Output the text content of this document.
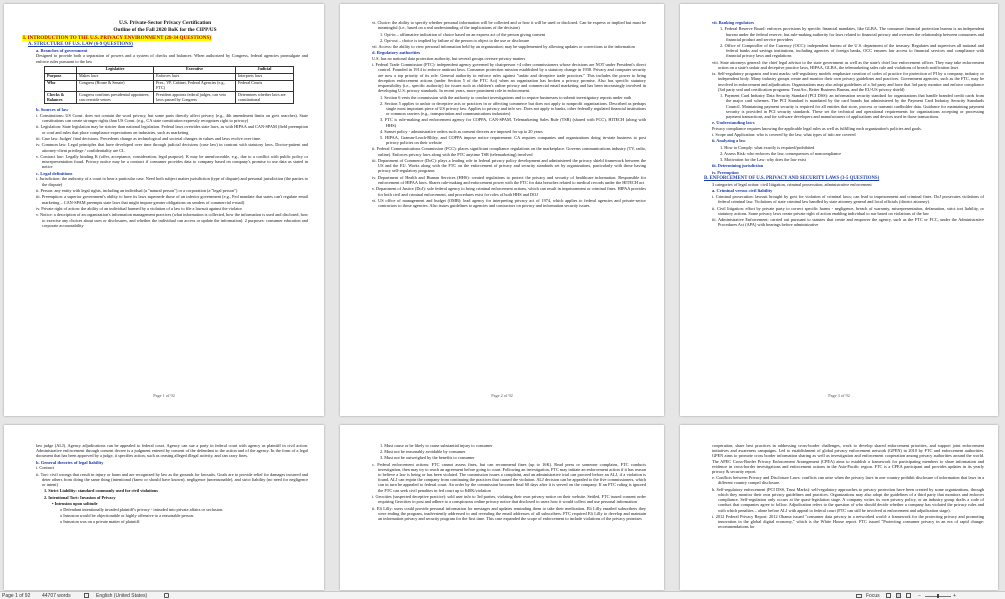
U.S. Private-Sector Privacy Certification
Outline of the Fall 2020 BoK for the CIPP/US
I. INTRODUCTION TO THE U.S. PRIVACY ENVIRONMENT (28-34 QUESTIONS)
A. STRUCTURE OF U.S. LAW (6-9 QUESTIONS)
a. Branches of government
Designed to provide both a separation of powers and a system of checks and balances. When authorized by Congress, federal agencies promulgate and enforce rules pursuant to the law
	Legislative	Executive	Judicial
Purpose	Makes laws	Enforces laws	Interprets laws
Who	Congress (House & Senate)	Pres., VP, Cabinet, Federal Agencies (e.g., FTC)	Federal Courts
Checks & Balances	Congress confirms presidential appointees, can override vetoes	President appoints federal judges, can veto laws passed by Congress	Determines whether laws are constitutional
b. Sources of law

i. Constitutions: US Const. does not contain the word privacy, but some parts directly affect privacy (e.g., 4th amendment limits on govt searches). State constitutions can create stronger rights than US Const. (e.g., CA state constitution expressly recognizes right to privacy)

ii. Legislation: State legislation may be stricter than national legislation. Federal laws overrides state laws, as with HIPAA and CAN-SPAM (field preemption or conf and rules that place compliance expectations on industries, such as marketing

iii. Case law: Judges' final decisions. Precedents change as technological and societal changes in values and laws evolve over time.

iv. Common law: Legal principles that have developed over time through judicial decisions (case law) in contrast with statutory laws. Doctor-patient and attorney-client privilege / confidentiality are CL

v. Contract law: Legally binding K (offer, acceptance, consideration, legal purpose). K may be unenforceable, e.g., due to a conflict with public policy or misrepresentation fraud. Privacy notice may be a contract if consumer provides data to company based on company's promise to use data as stated in notice

c. Legal definitions

i. Jurisdiction: the authority of a court to hear a particular case. Need both subject matter jurisdiction (type of dispute) and personal jurisdiction (the parties to the dispute)

ii. Person: any entity with legal rights, including an individual (a "natural person") or a corporation (a "legal person")

iii. Preemption: a superior government's ability to have its laws supersede those of an inferior government (e.g., Fed mandate that states can't regulate email marketing – CAN-SPAM preempts state laws that might impose greater obligations on senders of commercial e-mail)

iv. Private right of action: the ability of an individual harmed by a violation of a law to file a lawsuit against the violator

v. Notice: a description of an organization's information management practices (what information is collected, how the information is used and disclosed, how to exercise any choices about uses or disclosures, and whether the individual can access or update the information). 2 purposes: consumer education and corporate accountability

Page 1 of 92

vi. Choice: the ability to specify whether personal information will be collected and or how it will be used or disclosed. Can be express or implied but must be meaningful (i.e., based on a real understanding of the implications of the decision)

1. Opt-in – affirmative indication of choice based on an express act of the person giving consent

2. Opt-out – choice is implied by failure of the person to object to the use or disclosure

vii. Access: the ability to view personal information held by an organization; may be supplemented by allowing updates or corrections to the information

d. Regulatory authorities
U.S. has no national data protection authority, but several groups oversee privacy matters

i. Federal Trade Commission (FTC): independent agency governed by chairperson +4 other commissioners whose decisions are NOT under President's direct control. Founded in 1914 to enforce antitrust laws. Consumer protection mission established by a statutory change in 1938. Privacy and computer security are now a top priority of its role. General authority to enforce rules against "unfair and deceptive trade practices." This includes the power to bring deception enforcement actions (under Section 5 of the FTC Act) when an organization has broken a privacy promise. Also has specific statutory responsibility (i.e., specific authority) for issues such as children's online privacy and commercial email marketing and has been increasingly involved in developing U.S. privacy standards. In recent years, more prominent role in enforcement.

1. Section 6 vests the commission with the authority to conduct investigations and to require businesses to submit investigatory reports under oath

2. Section 5 applies to unfair or deceptive acts or practices in or affecting commerce but does not apply to nonprofit organizations. Described as perhaps single most important piece of US privacy law. Applies to privacy and info sec. Does not apply to banks, other federally regulated financial institutions or common carriers (e.g., transportation and communications industries)

3. FTC is rule-making and enforcement agency for COPPA, CAN-SPAM, Telemarketing Sales Rule (TSR) (shared with FCC), HITECH (along with HHS)

4. Sunset policy - administrative orders such as consent decrees are imposed for up to 20 years

5. HIPAA, Gramm-Leach-Bliley, and COPPA impose notice requirement: CA requires companies and organizations doing in-state business to post privacy policies on their website

ii. Federal Communications Commission (FCC): places significant compliance regulations on the marketplace. Governs communications industry (TV, radio, online). Enforces privacy laws along with the FTC anytime TSR (telemarketing) involved

iii. Department of Commerce (DoC): plays a leading role in federal privacy policy development and administered the privacy shield framework between the US and the EU. Works along with the FTC on the enforcement of privacy and security standards set by organizations, particularly with those having privacy self-regulatory programs

iv. Department of Health and Human Services (HHS): created regulations to protect the privacy and security of healthcare information. Responsible for enforcement of HIPAA laws. Shares rule-making and enforcement power with the FTC for data breaches related to medical records under the HITECH act

v. Department of Justice (DoJ): sole federal agency to bring criminal enforcement actions, which can result in imprisonment or criminal fines. HIPAA provides for both civil and criminal enforcement, and procedures exist for roles of both HHS and DOJ

vi. US office of management and budget (OMB): lead agency for interpreting privacy act of 1974, which applies to federal agencies and private-sector contractors to those agencies. Also issues guidelines to agencies and contractors on privacy and information security issues.

Page 2 of 92

vii. Banking regulators

1. Federal Reserve Board: enforces provisions by specific financial mandates, like GLBA. The consumer financial protection bureau is an independent bureau under the federal reserve, has rule-making authority for laws related to financial privacy and oversees the relationship between consumers and financial product and service providers

2. Office of Comptroller of the Currency (OCC): independent bureau of the U.S. department of the treasury. Regulates and supervises all national and federal banks and savings institutions, including agencies of foreign banks, OCC ensures fair access to financial services and compliance with financial privacy laws and regulations

viii. State attorneys general: the chief legal advisor to the state government as well as the state's chief law enforcement officer. They may take enforcement action on a state's unfair and deceptive practice laws, HIPAA, GLBA, the telemarketing sales rule and violations of breach notification laws

ix. Self-regulatory programs and trust marks: self-regulatory models emphasize creation of codes of practice for protection of PI by a company, industry or independent body. Many industry groups create and monitor their own privacy guidelines and practices. Government agencies, such as the FTC, may be involved in enforcement and adjudication. Organizations may also adopt guidelines of a 3rd party and have that 3rd party monitor and enforce compliance (3rd party seal and certification programs: TrustArc, Better Business Bureau, and the EU-US privacy shield)

1. Payment Card Industry Data Security Standard (PCI DSS): an information security standard for organizations that handle branded credit cards from the major card schemes. The PCI Standard is mandated by the card brands but administered by the Payment Card Industry Security Standards Council. Maintaining payment security is required for all entities that store, process or transmit cardholder data. Guidance for maintaining payment security is provided in PCI security standards. These set the technical and operational requirements for organizations accepting or processing payment transactions, and for software developers and manufacturers of applications and devices used in those transactions.

e. Understanding laws
Privacy compliance requires knowing the applicable legal rules as well as fulfilling each organization's policies and goals.

i. Scope and Application: who is covered by the law, what types of info are covered

ii. Analyzing a law

1. How to Comply: what exactly is required/prohibited

2. Assess Risk: who enforces the law, consequences of noncompliance

3. Motivation for the Law: why does the law exist

iii. Determining jurisdiction

iv. Preemption

B. ENFORCEMENT OF U.S. PRIVACY AND SECURITY LAWS (3-5 QUESTIONS)
3 categories of legal action: civil litigation, criminal prosecution, administrative enforcement
a. Criminal versus civil liability

i. Criminal prosecution: lawsuit brought by govt for violation of criminal laws; can lead to imprisonment and criminal fines. DoJ prosecutes violations of federal criminal law. Violations of state criminal law handled by state attorney general and local officials (district attorney).

ii. Civil litigation: effort by private party to correct specific harms - negligence, breach of warranty, misrepresentation, defamation, strict tort liability, or statutory actions. Some privacy laws create private right of action enabling individual to sue based on violations of the law

iii. Administrative Enforcement: carried out pursuant to statutes that create and empower the agency, such as the FTC or FCC, under the Administrative Procedures Act (APA) with hearings before administrative

Page 3 of 92

law judge (ALJ). Agency adjudications can be appealed to federal court. Agency can sue a party in federal court with agency as plaintiff in civil action. Administrative enforcement through consent decree is a judgment entered by consent of the defendant to the action and of the agency. In the form of a legal document that has been approved by a judge, it specifies action, such as ceasing alleged illegal activity, and can carry fines.

b. General theories of legal liability

i. Contract

ii. Tort: civil wrongs that result in injury or harm and are recognized by law as the grounds for lawsuits. Goals are to provide relief for damages incurred and deter others from doing the same thing (intentional (knew or should have known), negligence (unreasonable), and strict liability (no need for negligence or intent)

1. Strict Liability: standard commonly used for civil violations

2. Intentional Tort: Invasion of Privacy

• Intrusion upon solitude

o Defendant intentionally invaded plaintiff's privacy - intruded into private affairs or seclusion.

o Intrusion would be objectionable or highly offensive to a reasonable person.

o Intrusion was on a private matter of plaintiff.

1. Must cause or be likely to cause substantial injury to consumer

2. Must not be reasonably avoidable by consumer

3. Must not be outweighed by the benefits to consumer

c. Federal enforcement actions: FTC cannot assess fines, but can recommend fines (up to 16K). Read press or someone complains, FTC conducts investigation, then may try to reach an agreement before going to court. Following an investigation, FTC may initiate an enforcement action if it has reason to believe a law is being or has been violated. The commission issues a complaint, and an administrative trial can proceed before an ALJ, if a violation is found, ALJ can enjoin the company from continuing the practices that caused the violation. ALJ decision can be appealed to the five commissioners, which can in turn be appealed to federal court. An order by the commission becomes final 60 days after it is served on the company. If an FTC ruling is ignored the FTC can seek civil penalties in fed court up to $40K/violation

i. Geocities (suspected deceptive practice): sold user info to 3rd parties, violating their own privacy notice on their website. Settled, FTC issued consent order requiring Geocities to post and adhere to a conspicuous online privacy notice that disclosed to users how it would collect and use personal information

ii. Eli Lilly: users could provide personal information for messages and updates reminding them to take their medication. Eli Lilly emailed subscribers they were ending the program, inadvertently addressed to and revealing the email addresses of all subscribers. FTC required Eli Lilly to develop and maintain an information privacy and security program for the first time. This case expanded the scope of enforcement to include violations of the privacy promises

cooperation, share best practices in addressing cross-border challenges, work to develop shared enforcement priorities, and support joint enforcement initiatives and awareness campaigns. Led to establishment of global privacy enforcement network (GPEN) in 2010 by FTC and enforcement authorities. GPEN aims to promote cross border information sharing as well as investigation and enforcement cooperation among privacy authorities around the world. The APEC Cross-Border Privacy Enforcement Arrangement (CPEA) aims to establish a framework for participating members to share information and evidence in cross-border investigations and enforcement actions in the Asia-Pacific region. FTC is a CPEA participant and provides updates in its yearly privacy & security report.

e. Conflicts between Privacy and Disclosure Laws: conflicts can arise when the privacy laws in one country prohibit disclosure of information that laws in a different country compel disclosure.

b. Self-regulatory enforcement (PCI DSS, Trust Marks): self-regulatory approaches to privacy protection have been created by some organizations, through which they monitor their own privacy guidelines and practices. Organizations may also adopt the guidelines of a third party that monitors and enforces compliance. Self-regulation only occurs at the quasi-legislation stage. A company writes its own privacy policy, or an industry group drafts a code of conduct that companies agree to follow. Adjudication refers to the question of who should decide whether a company has violated the privacy rules and with which penalties – alone before ALJ with appeal to federal court (FTC can still be involved at enforcement and adjudication stage).

i. 2012 Federal Privacy Report: 2012 Obama issued "consumer data privacy in a networked world: a framework for the protecting privacy and promoting innovation in the global digital economy," which is the White House report. FTC issued "Protecting consumer privacy in an era of rapid change: recommendations for

Page 1 of 92 44707 words	English (United States)	Focus	−	+
